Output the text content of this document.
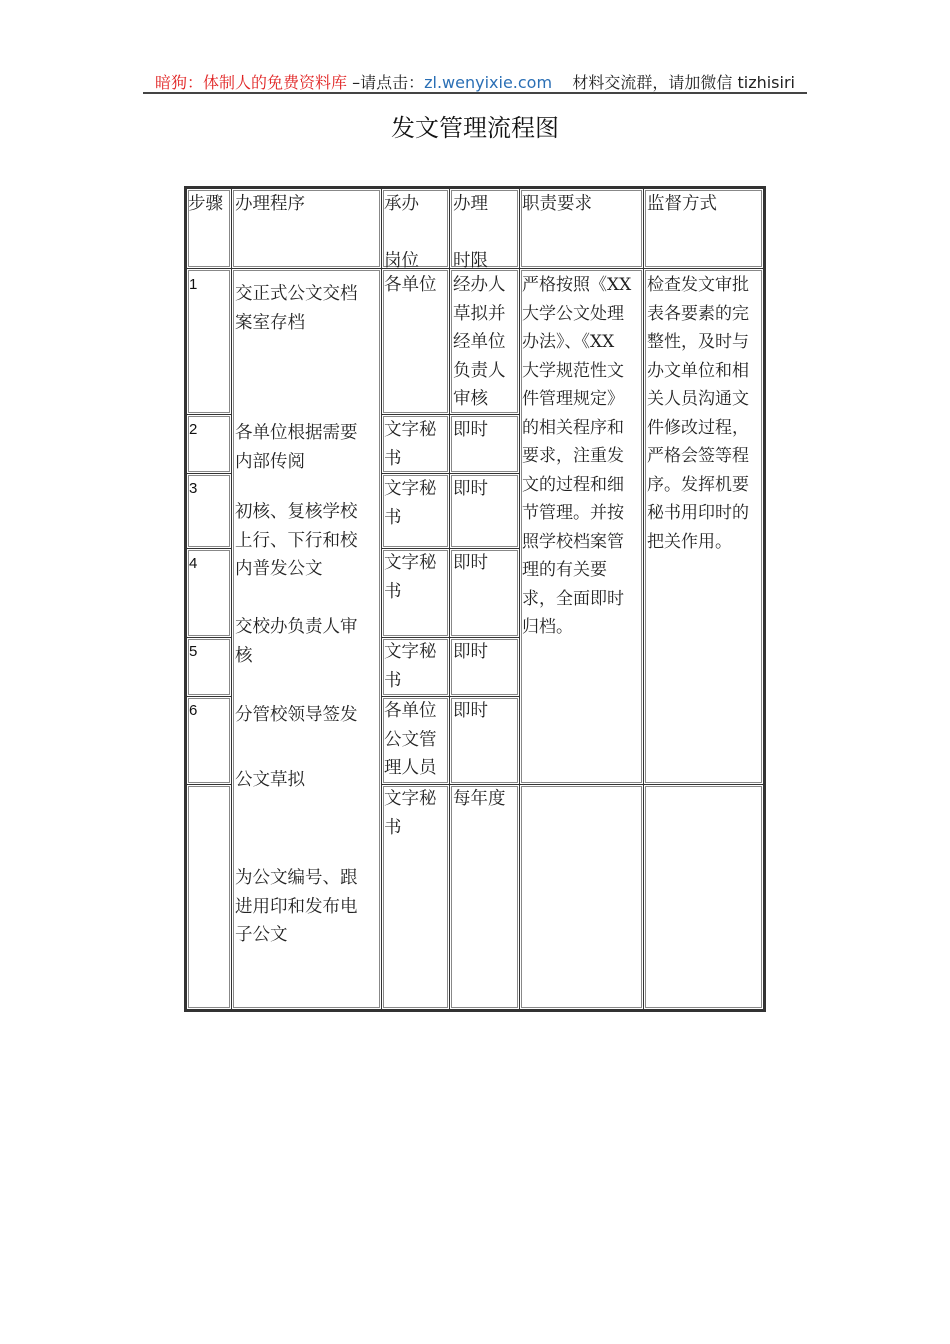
暗狗：体制人的免费资料库 –请点击：zl.wenyixie.com    材料交流群，请加微信 tizhisiri
发文管理流程图
步骤 办理程序	承办

岗位
办理

时限
职责要求	监督方式
1
2
3
4
5
6
交正式公文交档
案室存档
各单位根据需要
内部传阅
初核、复核学校
上行、下行和校
内普发公文
交校办负责人审
核
分管校领导签发
公文草拟
为公文编号、跟
进用印和发布电
子公文
各单位
文字秘
书
文字秘
书
文字秘
书
文字秘
书
各单位
公文管
理人员
文字秘
书
经办人
草拟并
经单位
负责人
审核
即时
即时
即时
即时
即时
每年度
严格按照《XX
大学公文处理
办法》、《XX
大学规范性文
件管理规定》
的相关程序和
要求，注重发
文的过程和细
节管理。并按
照学校档案管
理的有关要
求，全面即时
归档。
检查发文审批
表各要素的完
整性，及时与
办文单位和相
关人员沟通文
件修改过程，
严格会签等程
序。发挥机要
秘书用印时的
把关作用。
